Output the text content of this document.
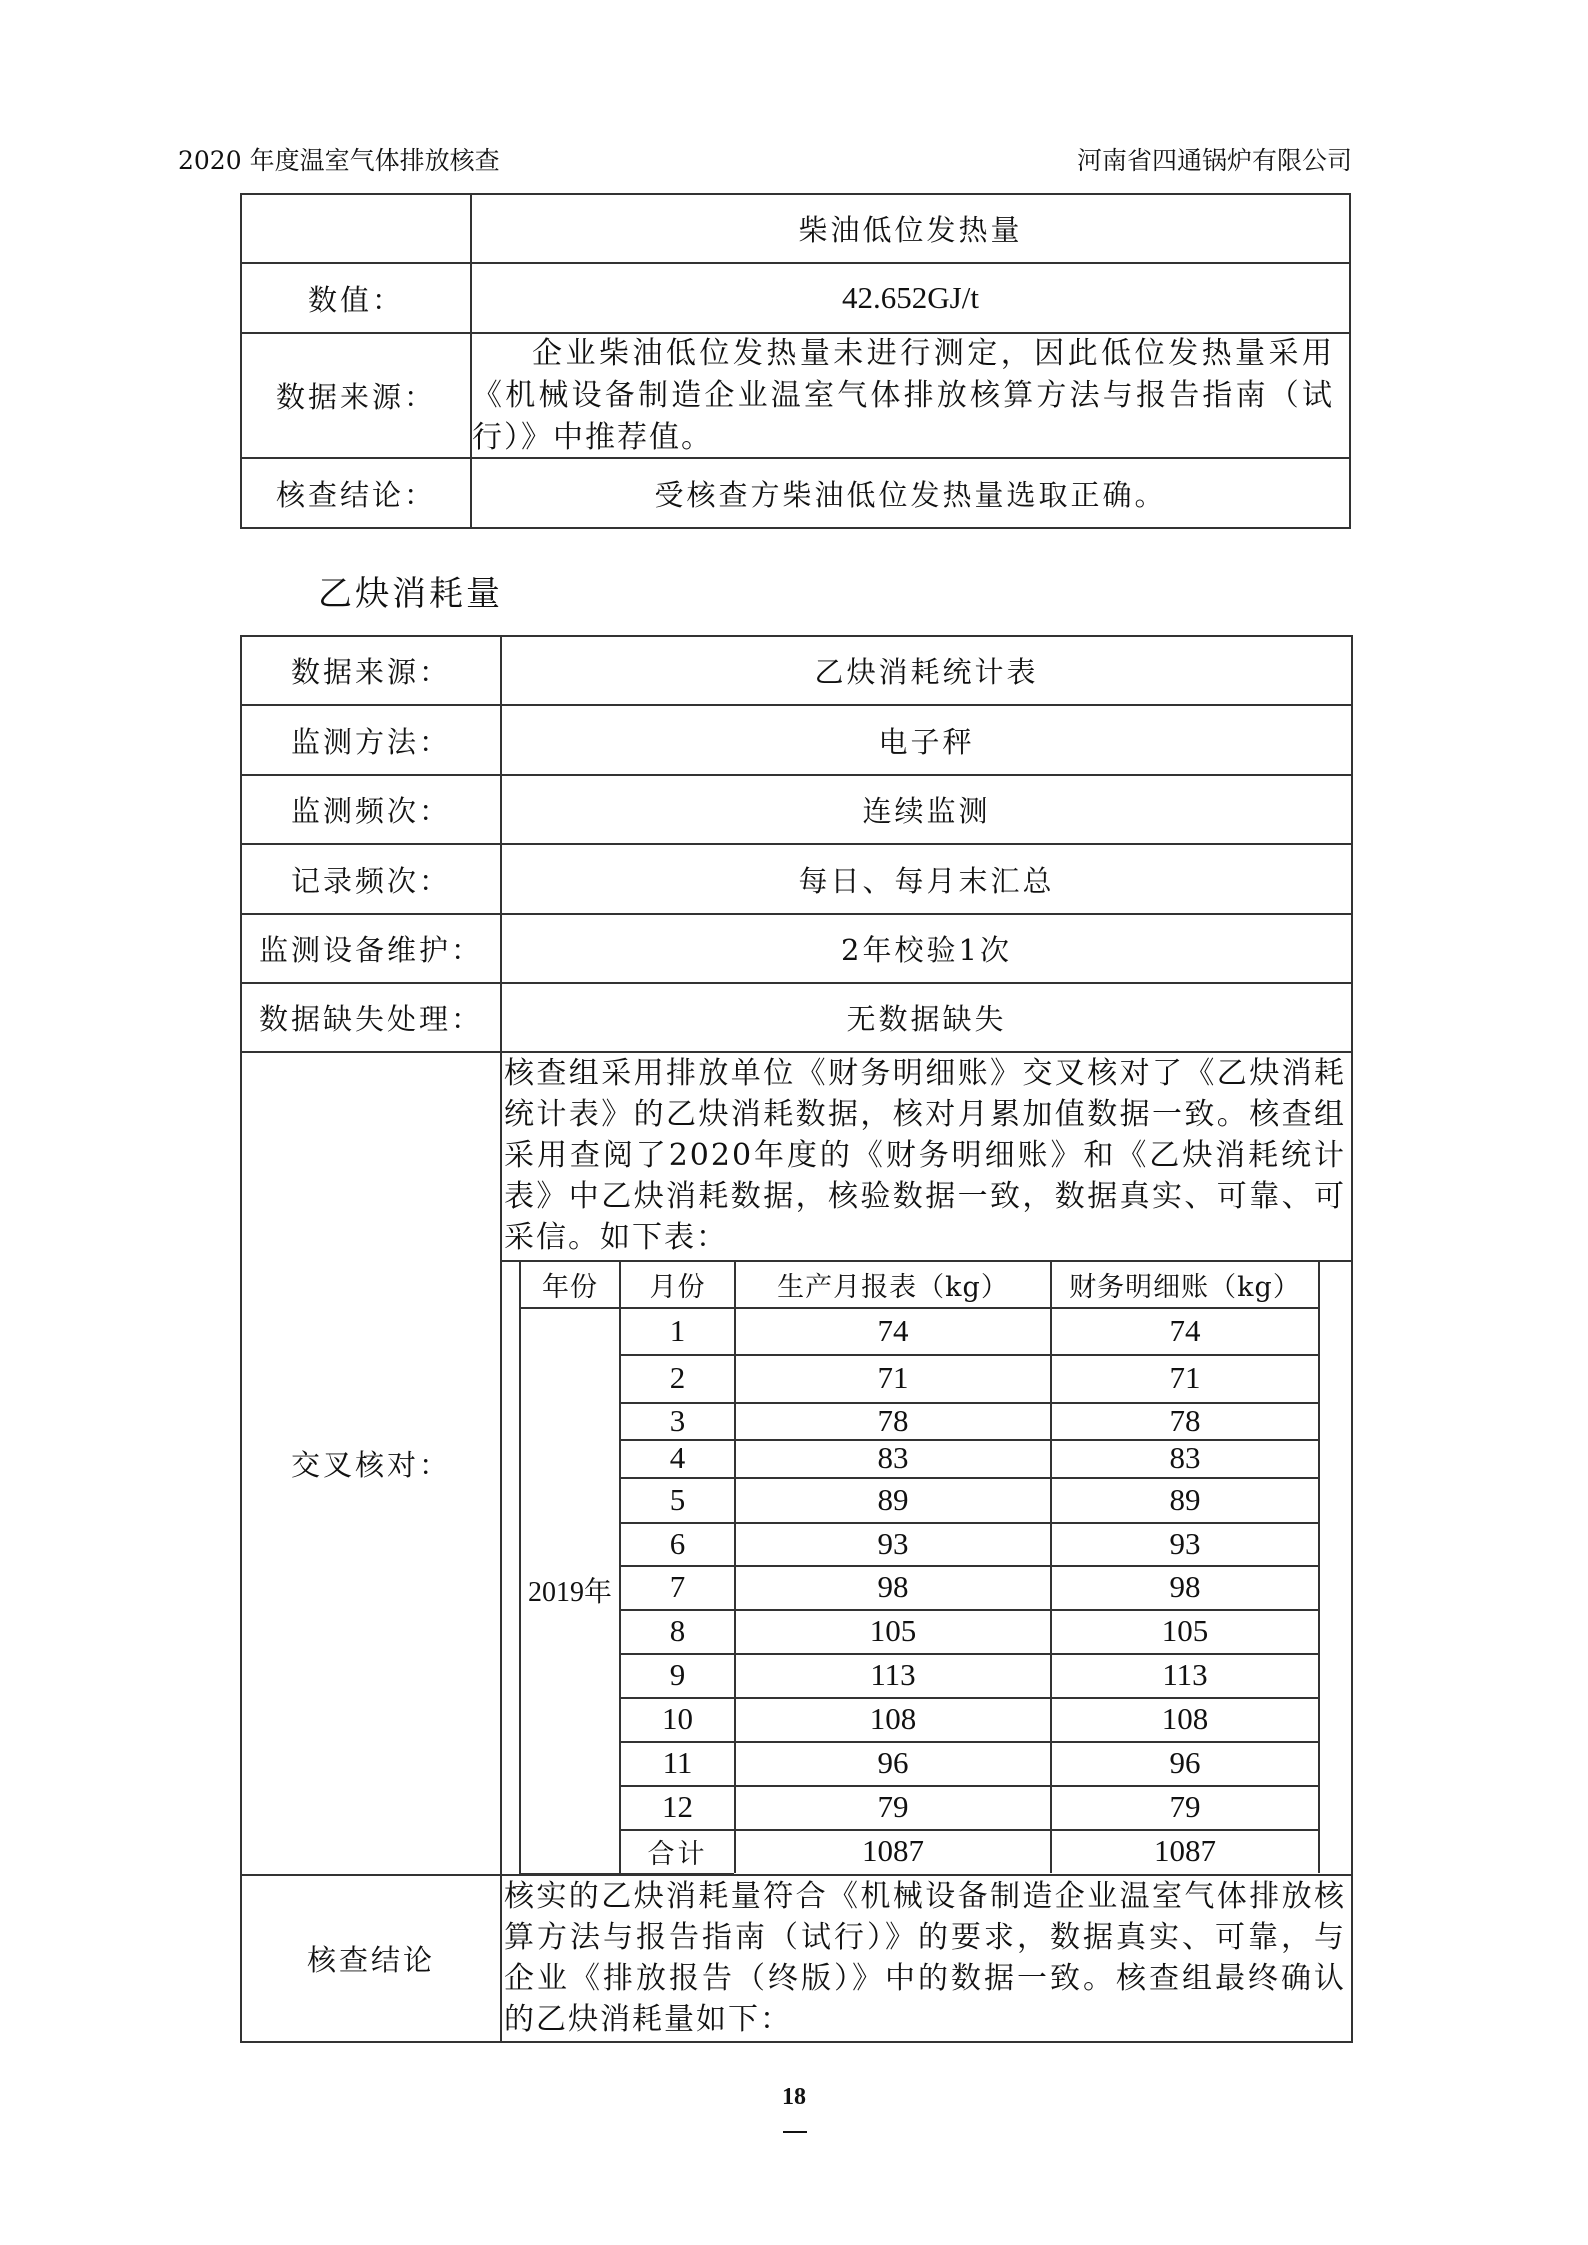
2020 年度温室气体排放核查	河南省四通锅炉有限公司
柴油低位发热量
数值：	42.652GJ/t
数据来源：
企业柴油低位发热量未进行测定，因此低位发热量采用《机械设备制造企业温室气体排放核算方法与报告指南（试行）》中推荐值。
核查结论：	受核查方柴油低位发热量选取正确。
乙炔消耗量
数据来源：	乙炔消耗统计表
监测方法：	电子秤
监测频次：	连续监测
记录频次：	每日、每月末汇总
监测设备维护：	2年校验1次
数据缺失处理：	无数据缺失
交叉核对：
核查组采用排放单位《财务明细账》交叉核对了《乙炔消耗统计表》的乙炔消耗数据，核对月累加值数据一致。核查组采用查阅了2020年度的《财务明细账》和《乙炔消耗统计表》中乙炔消耗数据，核验数据一致，数据真实、可靠、可采信。如下表：
年份	月份	生产月报表（kg）	财务明细账（kg）
2019年
1	74	74
2	71	71
3	78	78
4	83	83
5	89	89
6	93	93
7	98	98
8	105	105
9	113	113
10	108	108
11	96	96
12	79	79
合计	1087	1087
核查结论
核实的乙炔消耗量符合《机械设备制造企业温室气体排放核算方法与报告指南（试行）》的要求，数据真实、可靠，与企业《排放报告（终版）》中的数据一致。核查组最终确认的乙炔消耗量如下：
18
